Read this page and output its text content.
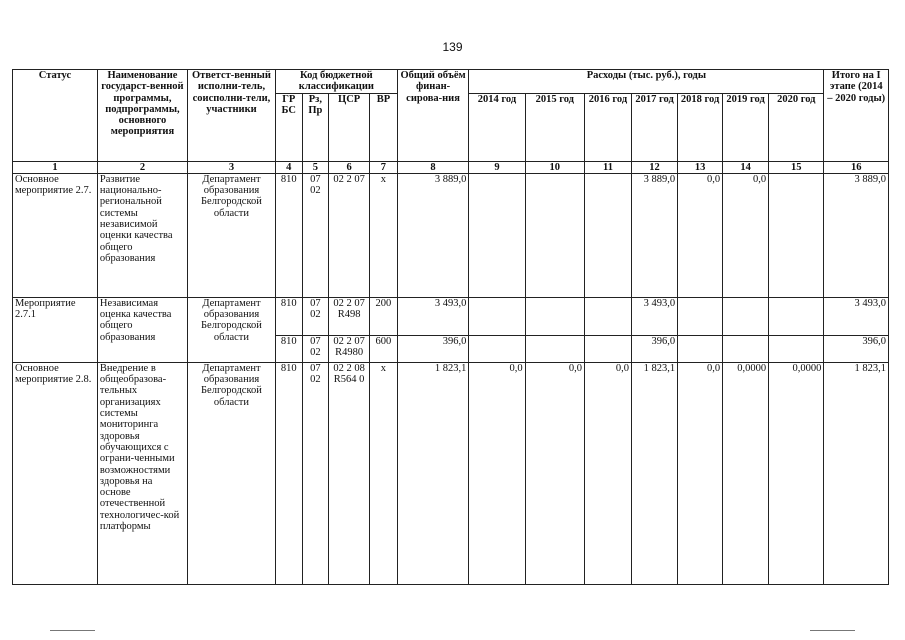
139
Статус	Наименование государст-венной программы, подпрограммы, основного мероприятия	Ответст-венный исполни-тель, соисполни-тели, участники	Код бюджетной классификации				Общий объём финан-сирова-ния	Расходы (тыс. руб.), годы							Итого на I этапе (2014 – 2020 годы)
			ГР БС	Рз, Пр	ЦСР	ВР		2014 год	2015 год	2016 год	2017 год	2018 год	2019 год	2020 год	
1	2	3	4	5	6	7	8	9	10	11	12	13	14	15	16
Основное мероприятие 2.7.	Развитие национально-региональной системы независимой оценки качества общего образования	Департамент образования Белгородской области	810	07 02	02 2 07	х	3 889,0				3 889,0	0,0	0,0		3 889,0
Мероприятие 2.7.1	Независимая оценка качества общего образования	Департамент образования Белгородской области	810	07 02	02 2 07 R498	200	3 493,0				3 493,0				3 493,0
			810	07 02	02 2 07 R4980	600	396,0				396,0				396,0
Основное мероприятие 2.8.	Внедрение в общеобразова-тельных организациях системы мониторинга здоровья обучающихся с ограни-ченными возможностями здоровья на основе отечественной технологичес-кой платформы	Департамент образования Белгородской области	810	07 02	02 2 08 R564 0	х	1 823,1	0,0	0,0	0,0	1 823,1	0,0	0,0000	0,0000	1 823,1
